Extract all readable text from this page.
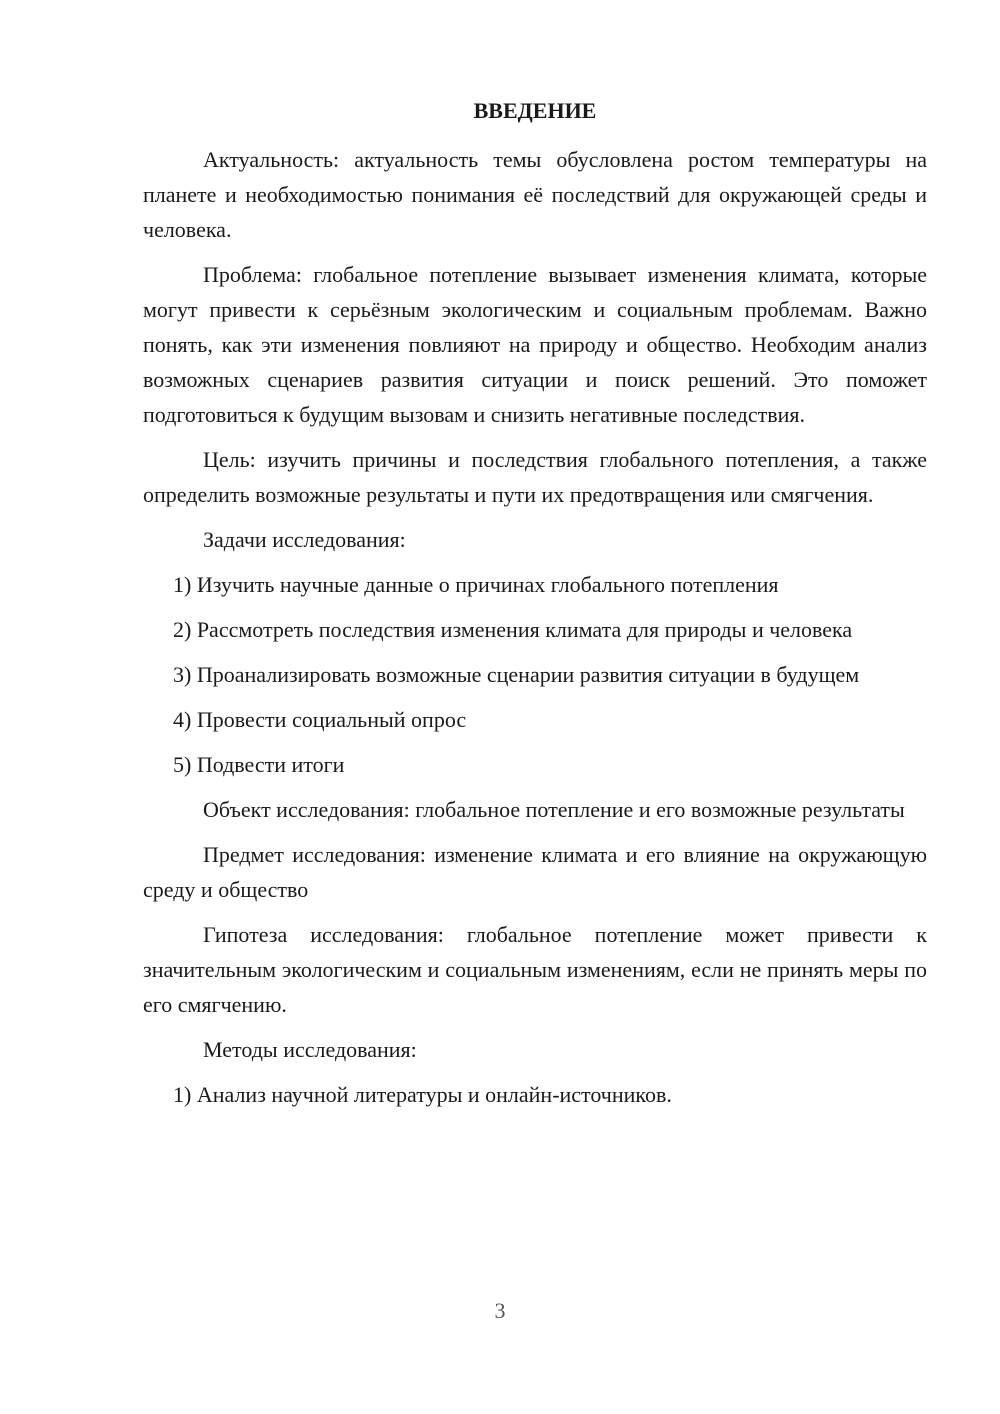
ВВЕДЕНИЕ

Актуальность: актуальность темы обусловлена ростом температуры на планете и необходимостью понимания её последствий для окружающей среды и человека.

Проблема: глобальное потепление вызывает изменения климата, которые могут привести к серьёзным экологическим и социальным проблемам. Важно понять, как эти изменения повлияют на природу и общество. Необходим анализ возможных сценариев развития ситуации и поиск решений. Это поможет подготовиться к будущим вызовам и снизить негативные последствия.

Цель: изучить причины и последствия глобального потепления, а также определить возможные результаты и пути их предотвращения или смягчения.

Задачи исследования:

1) Изучить научные данные о причинах глобального потепления

2) Рассмотреть последствия изменения климата для природы и человека

3) Проанализировать возможные сценарии развития ситуации в будущем

4) Провести социальный опрос

5) Подвести итоги

Объект исследования: глобальное потепление и его возможные результаты

Предмет исследования: изменение климата и его влияние на окружающую среду и общество

Гипотеза исследования: глобальное потепление может привести к значительным экологическим и социальным изменениям, если не принять меры по его смягчению.

Методы исследования:

1) Анализ научной литературы и онлайн-источников.

3
